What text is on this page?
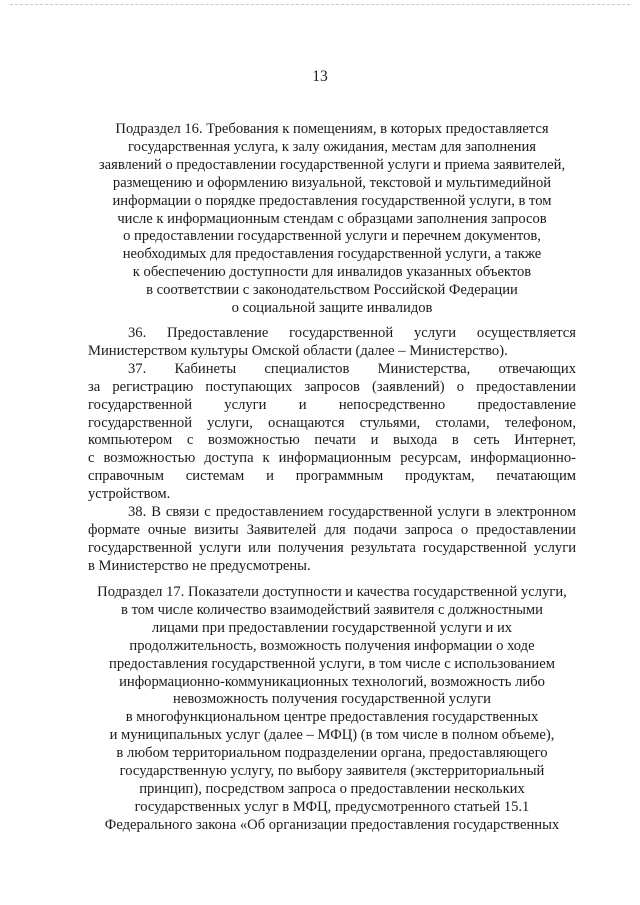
13
Подраздел 16. Требования к помещениям, в которых предоставляется
государственная услуга, к залу ожидания, местам для заполнения
заявлений о предоставлении государственной услуги и приема заявителей,
размещению и оформлению визуальной, текстовой и мультимедийной
информации о порядке предоставления государственной услуги, в том
числе к информационным стендам с образцами заполнения запросов
о предоставлении государственной услуги и перечнем документов,
необходимых для предоставления государственной услуги, а также
к обеспечению доступности для инвалидов указанных объектов
в соответствии с законодательством Российской Федерации
о социальной защите инвалидов

36. Предоставление государственной услуги осуществляется
Министерством культуры Омской области (далее – Министерство).

37. Кабинеты специалистов Министерства, отвечающих
за регистрацию поступающих запросов (заявлений) о предоставлении
государственной услуги и непосредственно предоставление
государственной услуги, оснащаются стульями, столами, телефоном,
компьютером с возможностью печати и выхода в сеть Интернет,
с возможностью доступа к информационным ресурсам, информационно-
справочным системам и программным продуктам, печатающим
устройством.

38. В связи с предоставлением государственной услуги в электронном
формате очные визиты Заявителей для подачи запроса о предоставлении
государственной услуги или получения результата государственной услуги
в Министерство не предусмотрены.

Подраздел 17. Показатели доступности и качества государственной услуги,
в том числе количество взаимодействий заявителя с должностными
лицами при предоставлении государственной услуги и их
продолжительность, возможность получения информации о ходе
предоставления государственной услуги, в том числе с использованием
информационно-коммуникационных технологий, возможность либо
невозможность получения государственной услуги
в многофункциональном центре предоставления государственных
и муниципальных услуг (далее – МФЦ) (в том числе в полном объеме),
в любом территориальном подразделении органа, предоставляющего
государственную услугу, по выбору заявителя (экстерриториальный
принцип), посредством запроса о предоставлении нескольких
государственных услуг в МФЦ, предусмотренного статьей 15.1
Федерального закона «Об организации предоставления государственных
